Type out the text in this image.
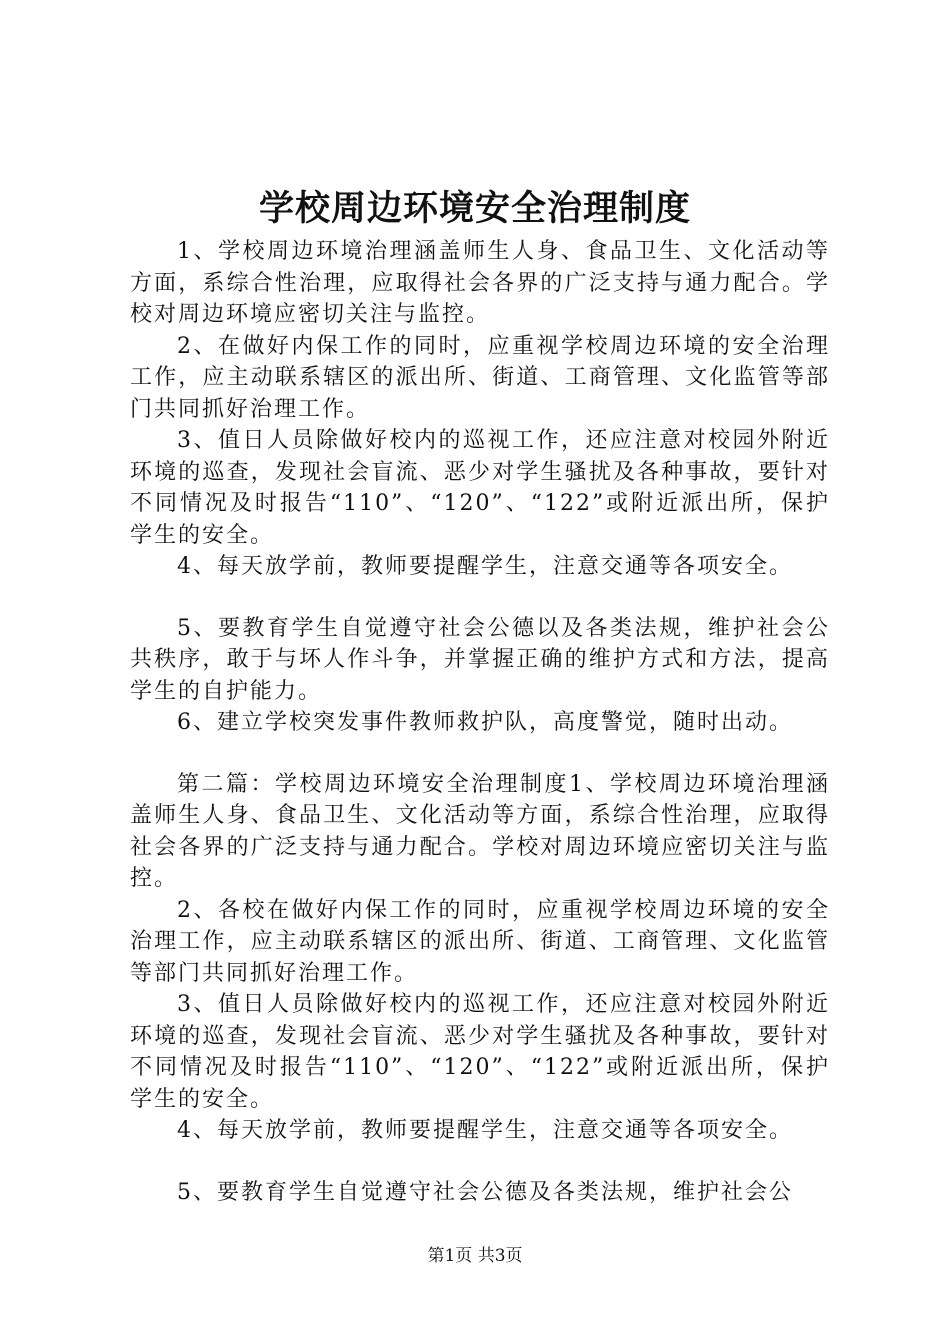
学校周边环境安全治理制度

1、学校周边环境治理涵盖师生人身、食品卫生、文化活动等方面，系综合性治理，应取得社会各界的广泛支持与通力配合。学校对周边环境应密切关注与监控。

2、在做好内保工作的同时，应重视学校周边环境的安全治理工作，应主动联系辖区的派出所、街道、工商管理、文化监管等部门共同抓好治理工作。

3、值日人员除做好校内的巡视工作，还应注意对校园外附近环境的巡查，发现社会盲流、恶少对学生骚扰及各种事故，要针对不同情况及时报告“110”、“120”、“122”或附近派出所，保护学生的安全。

4、每天放学前，教师要提醒学生，注意交通等各项安全。

5、要教育学生自觉遵守社会公德以及各类法规，维护社会公共秩序，敢于与坏人作斗争，并掌握正确的维护方式和方法，提高学生的自护能力。

6、建立学校突发事件教师救护队，高度警觉，随时出动。

第二篇：学校周边环境安全治理制度1、学校周边环境治理涵盖师生人身、食品卫生、文化活动等方面，系综合性治理，应取得社会各界的广泛支持与通力配合。学校对周边环境应密切关注与监控。

2、各校在做好内保工作的同时，应重视学校周边环境的安全治理工作，应主动联系辖区的派出所、街道、工商管理、文化监管等部门共同抓好治理工作。

3、值日人员除做好校内的巡视工作，还应注意对校园外附近环境的巡查，发现社会盲流、恶少对学生骚扰及各种事故，要针对不同情况及时报告“110”、“120”、“122”或附近派出所，保护学生的安全。

4、每天放学前，教师要提醒学生，注意交通等各项安全。

5、要教育学生自觉遵守社会公德及各类法规，维护社会公

第1页 共3页
